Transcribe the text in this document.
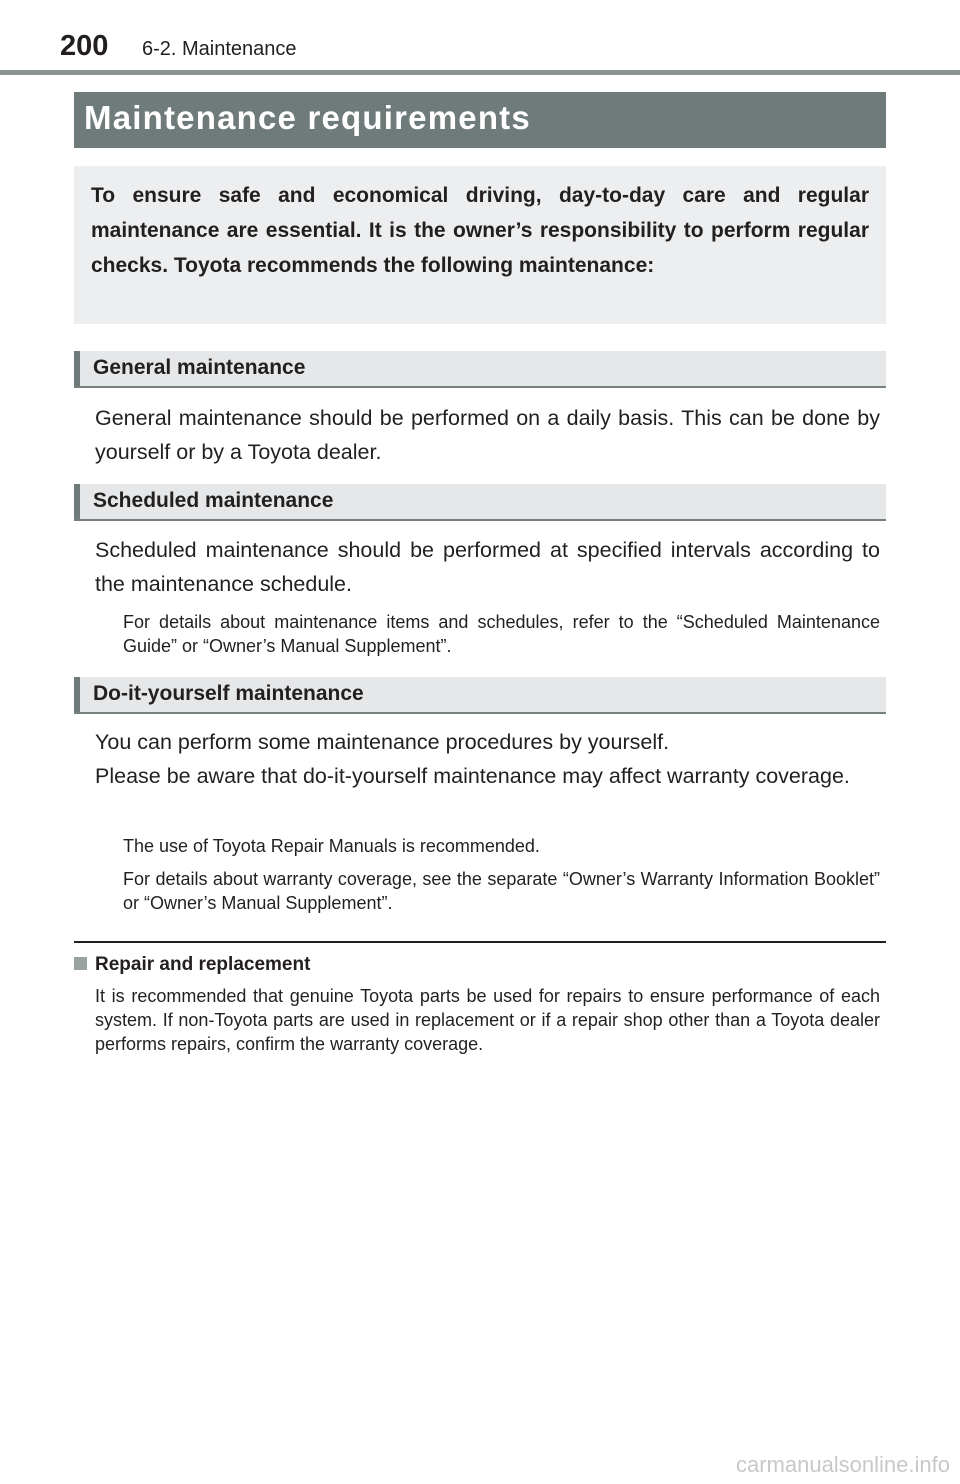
200 6-2. Maintenance
Maintenance requirements
To ensure safe and economical driving, day-to-day care and regular maintenance are essential. It is the owner’s responsibility to perform regular checks. Toyota recommends the following maintenance:
General maintenance

General maintenance should be performed on a daily basis. This can be done by yourself or by a Toyota dealer.

Scheduled maintenance

Scheduled maintenance should be performed at specified intervals according to the maintenance schedule.

For details about maintenance items and schedules, refer to the “Scheduled Maintenance Guide” or “Owner’s Manual Supplement”.

Do-it-yourself maintenance

You can perform some maintenance procedures by yourself.

Please be aware that do-it-yourself maintenance may affect warranty coverage.

The use of Toyota Repair Manuals is recommended.

For details about warranty coverage, see the separate “Owner’s Warranty Information Booklet” or “Owner’s Manual Supplement”.

Repair and replacement
It is recommended that genuine Toyota parts be used for repairs to ensure performance of each system. If non-Toyota parts are used in replacement or if a repair shop other than a Toyota dealer performs repairs, confirm the warranty coverage.
carmanualsonline.info
